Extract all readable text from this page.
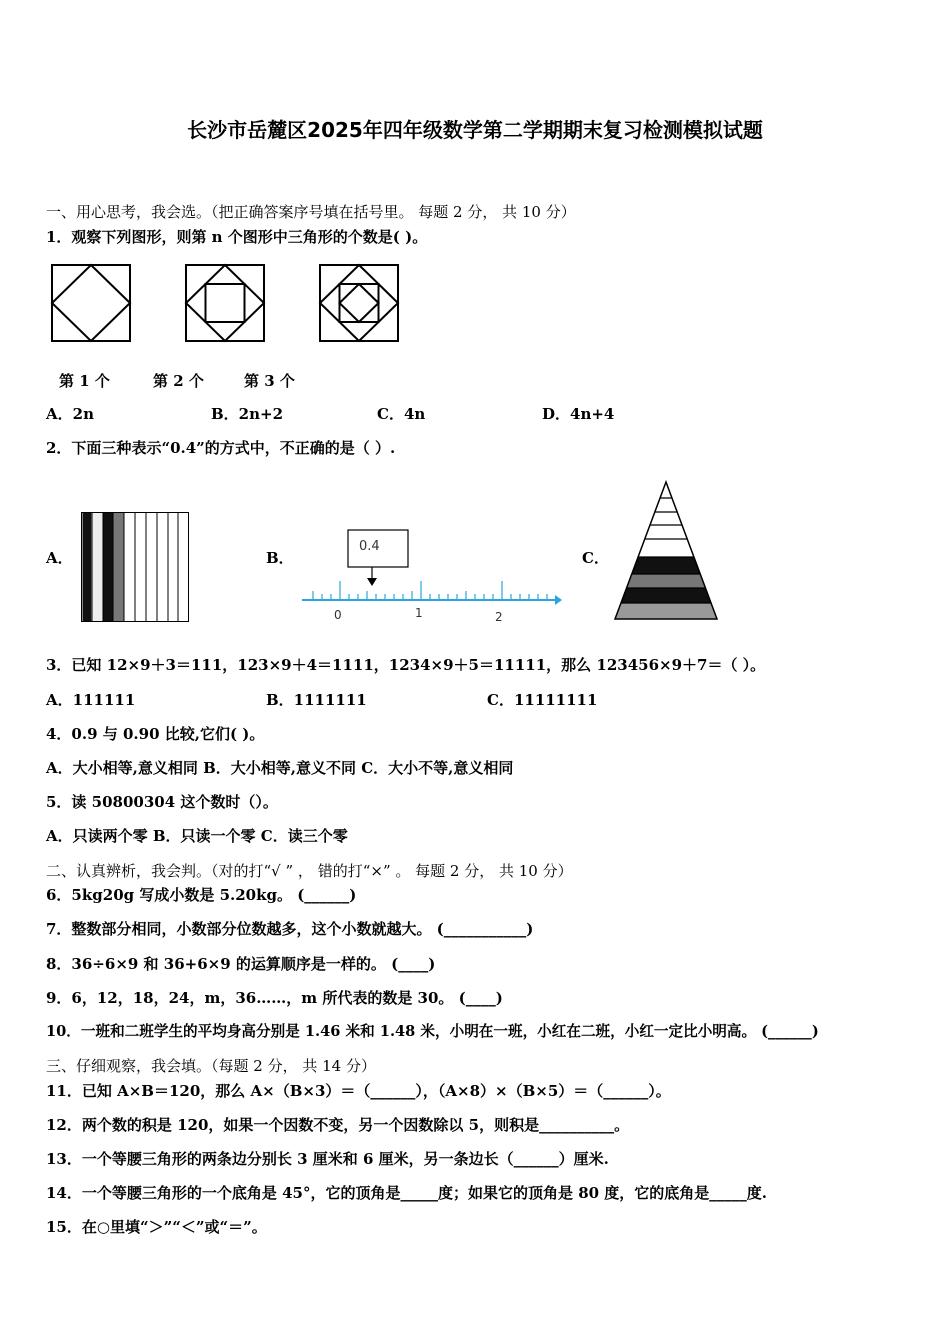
长沙市岳麓区2025年四年级数学第二学期期末复习检测模拟试题
一、用心思考，我会选。（把正确答案序号填在括号里。 每题 2 分， 共 10 分）
1．观察下列图形，则第 n 个图形中三角形的个数是( )。
第 1 个	第 2 个	第 3 个
A．2n	B．2n+2	C．4n	D．4n+4
2．下面三种表示“0.4”的方式中，不正确的是（ ）.
A．	B．
0.4
0	1	2
C．
3．已知 12×9＋3＝111，123×9＋4＝1111，1234×9＋5＝11111，那么 123456×9＋7＝（ ）。
A．111111	B．1111111	C．11111111
4．0.9 与 0.90 比较,它们( )。
A．大小相等,意义相同 B．大小相等,意义不同 C．大小不等,意义相同
5．读 50800304 这个数时（）。
A．只读两个零 B．只读一个零 C．读三个零
二、认真辨析，我会判。（对的打“√ ” ， 错的打“×” 。 每题 2 分， 共 10 分）
6．5kg20g 写成小数是 5.20kg。 (______)
7．整数部分相同，小数部分位数越多，这个小数就越大。 (___________)
8．36÷6×9 和 36+6×9 的运算顺序是一样的。 (____)
9．6，12，18，24，m，36……，m 所代表的数是 30。 (____)
10．一班和二班学生的平均身高分别是 1.46 米和 1.48 米，小明在一班，小红在二班，小红一定比小明高。 (______)
三、仔细观察，我会填。（每题 2 分， 共 14 分）
11．已知 A×B＝120，那么 A×（B×3）＝（______），（A×8）×（B×5）＝（______）。
12．两个数的积是 120，如果一个因数不变，另一个因数除以 5，则积是__________。
13．一个等腰三角形的两条边分别长 3 厘米和 6 厘米，另一条边长（______）厘米.
14．一个等腰三角形的一个底角是 45°，它的顶角是_____度；如果它的顶角是 80 度，它的底角是_____度.
15．在○里填“＞”“＜”或“＝”。
